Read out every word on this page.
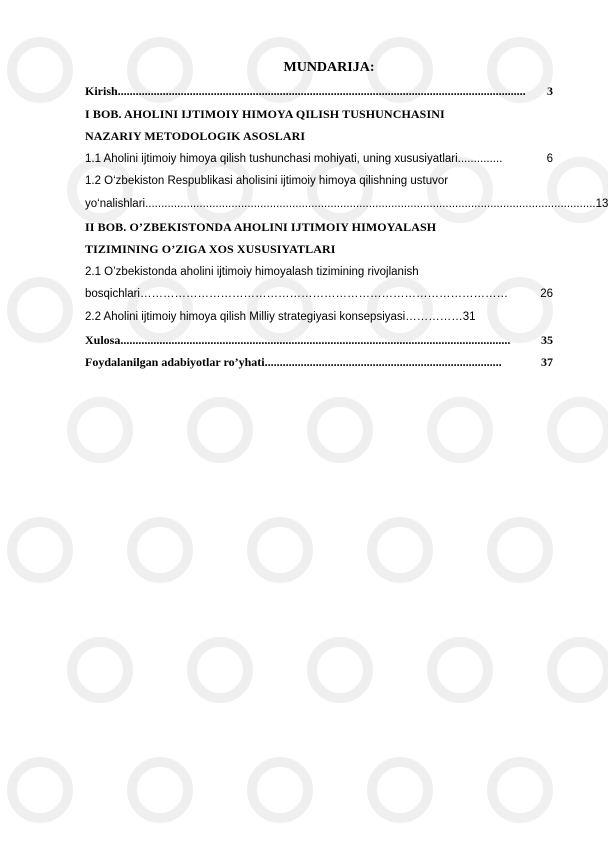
MUNDARIJA:
Kirish ........................................................................................................................................	3
I BOB. AHOLINI IJTIMOIY HIMOYA QILISH TUSHUNCHASINI
NAZARIY METODOLOGIK ASOSLARI
1.1 Aholini ijtimoiy himoya qilish tushunchasi mohiyati, uning xususiyatlari ..............	6
1.2 O‘zbekiston Respublikasi aholisini ijtimoiy himoya qilishning ustuvor
yo‘nalishlari ............................................................................................................................................. 13
II BOB. O’ZBEKISTONDA AHOLINI IJTIMOIY HIMOYALASH
TIZIMINING O’ZIGA XOS XUSUSIYATLARI
2.1 O’zbekistonda aholini ijtimoiy himoyalash tizimining rivojlanish
bosqichlari ……………………………………………………………………………………	26
2.2 Aholini ijtimoiy himoya qilish Milliy strategiyasi konsepsiyasi……………31
Xulosa ..................................................................................................................................	35
Foydalanilgan adabiyotlar ro’yhati ...............................................................................	37
